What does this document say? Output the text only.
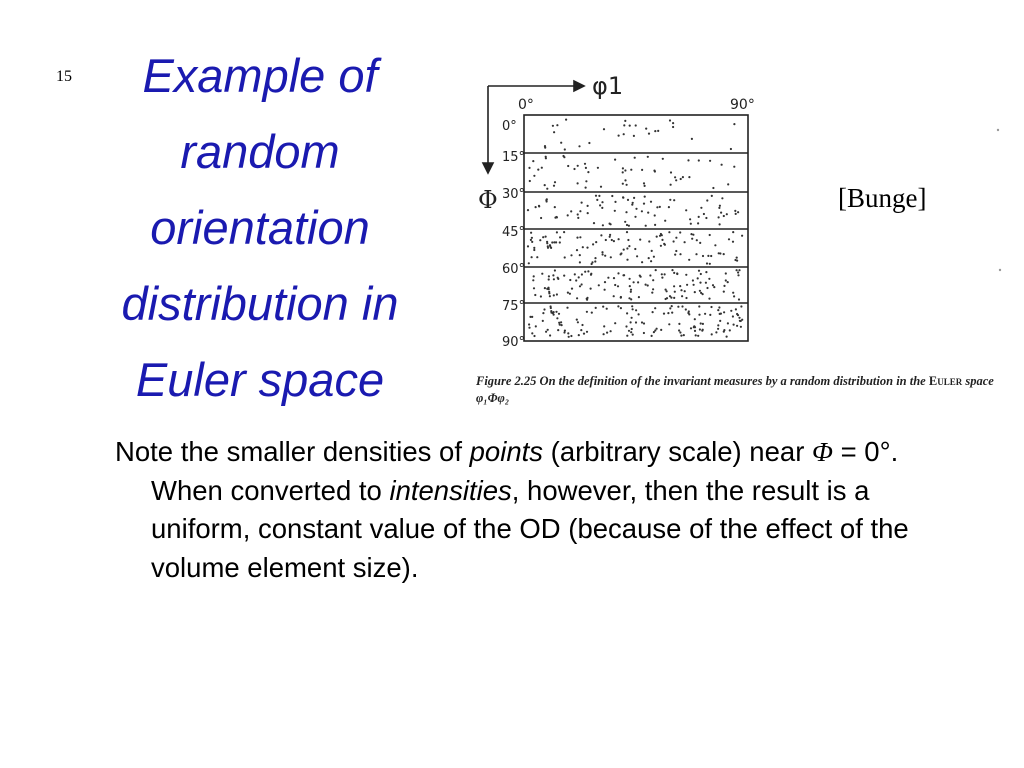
15	Example of
random
orientation
distribution in
Euler space
φ1
Φ
0°	90°
0°
15°
30°
45°
60°
75°
90°
Figure 2.25 On the definition of the invariant measures by a random distribution in the Euler space φ₁Φφ₂
[Bunge]
Note the smaller densities of points (arbitrary scale) near Φ = 0°. When converted to intensities, however, then the result is a uniform, constant value of the OD (because of the effect of the volume element size).
